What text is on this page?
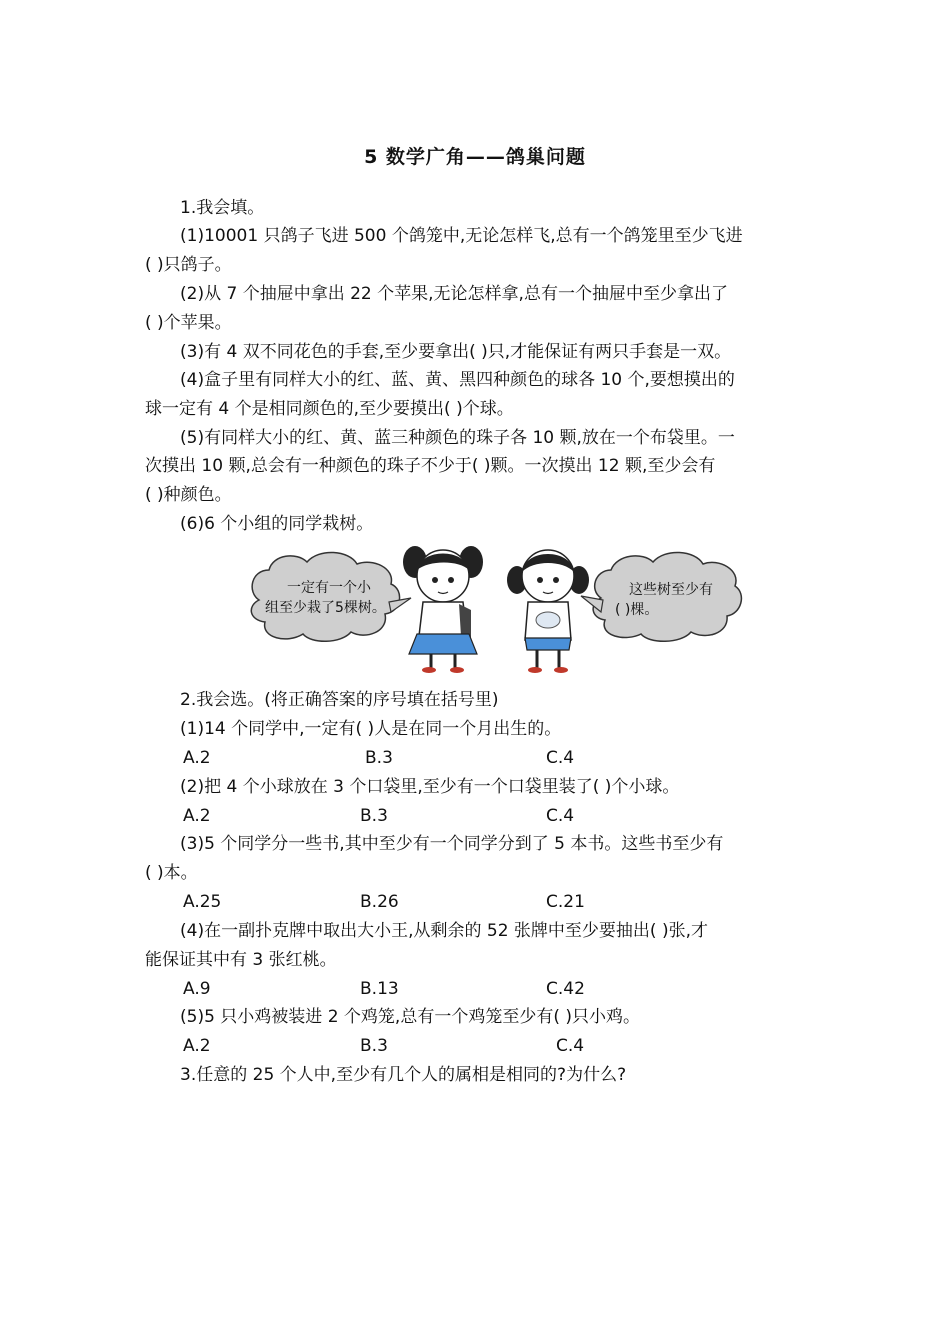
5 数学广角——鸽巢问题
1.我会填。
(1)10001 只鸽子飞进 500 个鸽笼中,无论怎样飞,总有一个鸽笼里至少飞进
( )只鸽子。
(2)从 7 个抽屉中拿出 22 个苹果,无论怎样拿,总有一个抽屉中至少拿出了
( )个苹果。
(3)有 4 双不同花色的手套,至少要拿出( )只,才能保证有两只手套是一双。
(4)盒子里有同样大小的红、蓝、黄、黑四种颜色的球各 10 个,要想摸出的
球一定有 4 个是相同颜色的,至少要摸出( )个球。
(5)有同样大小的红、黄、蓝三种颜色的珠子各 10 颗,放在一个布袋里。一
次摸出 10 颗,总会有一种颜色的珠子不少于( )颗。一次摸出 12 颗,至少会有
( )种颜色。
(6)6 个小组的同学栽树。
一定有一个小
组至少栽了5棵树。
这些树至少有
( )棵。
2.我会选。(将正确答案的序号填在括号里)
(1)14 个同学中,一定有( )人是在同一个月出生的。
A.2	B.3	C.4
(2)把 4 个小球放在 3 个口袋里,至少有一个口袋里装了( )个小球。
A.2	B.3	C.4
(3)5 个同学分一些书,其中至少有一个同学分到了 5 本书。这些书至少有
( )本。
A.25	B.26	C.21
(4)在一副扑克牌中取出大小王,从剩余的 52 张牌中至少要抽出( )张,才
能保证其中有 3 张红桃。
A.9	B.13	C.42
(5)5 只小鸡被装进 2 个鸡笼,总有一个鸡笼至少有( )只小鸡。
A.2	B.3	C.4
3.任意的 25 个人中,至少有几个人的属相是相同的?为什么?
